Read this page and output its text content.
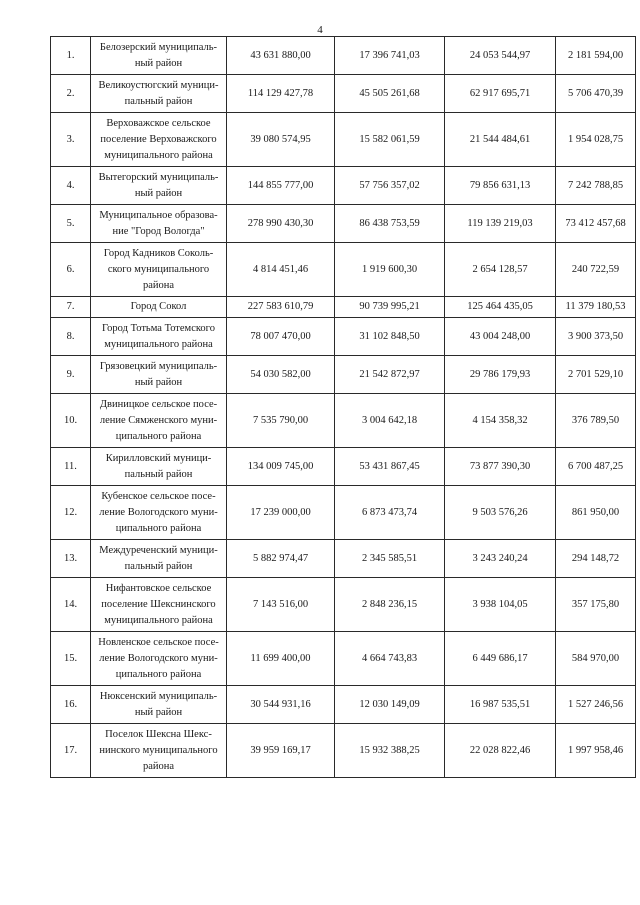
4
1.	Белозерский муниципаль-
ный район	43 631 880,00	17 396 741,03	24 053 544,97	2 181 594,00
2.	Великоустюгский муници-
пальный район	114 129 427,78	45 505 261,68	62 917 695,71	5 706 470,39
3.	Верховажское сельское
поселение Верховажского
муниципального района	39 080 574,95	15 582 061,59	21 544 484,61	1 954 028,75
4.	Вытегорский муниципаль-
ный район	144 855 777,00	57 756 357,02	79 856 631,13	7 242 788,85
5.	Муниципальное образова-
ние "Город Вологда"	278 990 430,30	86 438 753,59	119 139 219,03	73 412 457,68
6.	Город Кадников Соколь-
ского муниципального
района	4 814 451,46	1 919 600,30	2 654 128,57	240 722,59
7.	Город Сокол	227 583 610,79	90 739 995,21	125 464 435,05	11 379 180,53
8.	Город Тотьма Тотемского
муниципального района	78 007 470,00	31 102 848,50	43 004 248,00	3 900 373,50
9.	Грязовецкий муниципаль-
ный район	54 030 582,00	21 542 872,97	29 786 179,93	2 701 529,10
10.	Двиницкое сельское посе-
ление Сямженского муни-
ципального района	7 535 790,00	3 004 642,18	4 154 358,32	376 789,50
11.	Кирилловский муници-
пальный район	134 009 745,00	53 431 867,45	73 877 390,30	6 700 487,25
12.	Кубенское сельское посе-
ление Вологодского муни-
ципального района	17 239 000,00	6 873 473,74	9 503 576,26	861 950,00
13.	Междуреченский муници-
пальный район	5 882 974,47	2 345 585,51	3 243 240,24	294 148,72
14.	Нифантовское сельское
поселение Шекснинского
муниципального района	7 143 516,00	2 848 236,15	3 938 104,05	357 175,80
15.	Новленское сельское посе-
ление Вологодского муни-
ципального района	11 699 400,00	4 664 743,83	6 449 686,17	584 970,00
16.	Нюксенский муниципаль-
ный район	30 544 931,16	12 030 149,09	16 987 535,51	1 527 246,56
17.	Поселок Шексна Шекс-
нинского муниципального
района	39 959 169,17	15 932 388,25	22 028 822,46	1 997 958,46
